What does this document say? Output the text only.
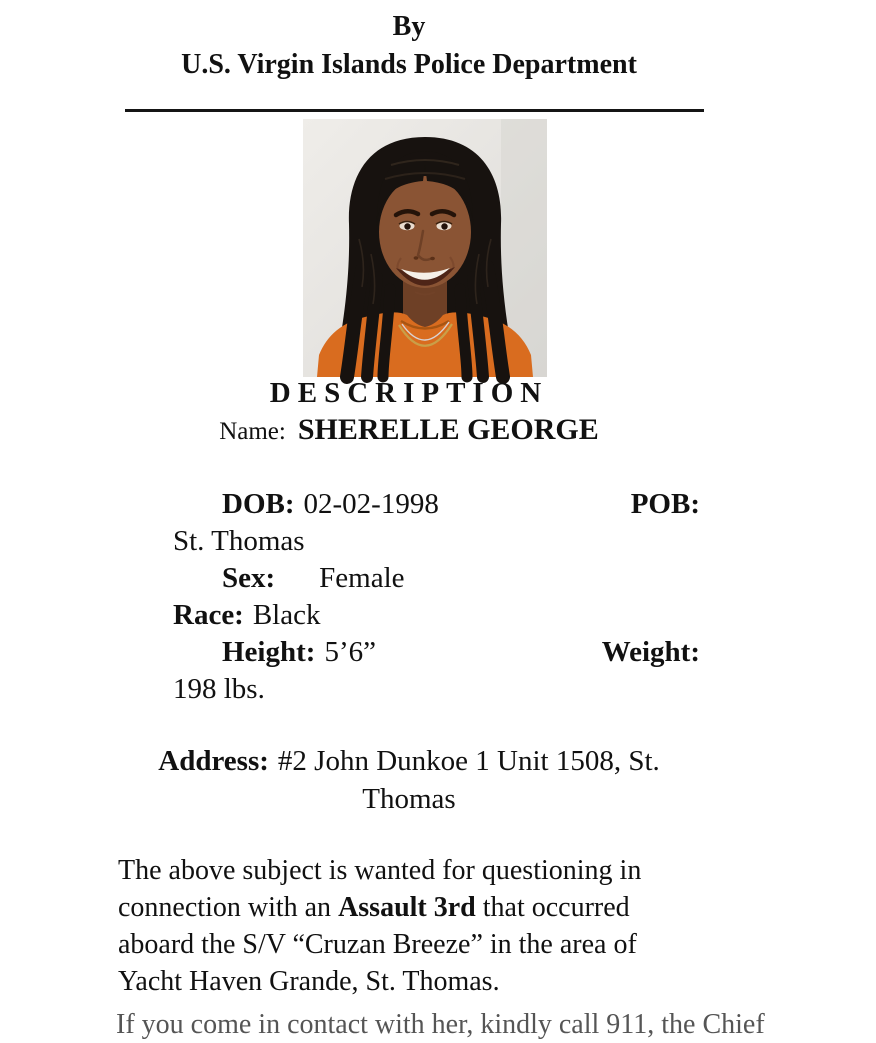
By
U.S. Virgin Islands Police Department
DESCRIPTION
Name: SHERELLE GEORGE
DOB: 02-02-1998	POB:
St. Thomas
Sex: Female
Race: Black
Height: 5’6”	Weight:
198 lbs.
Address: #2 John Dunkoe 1 Unit 1508, St.
Thomas
The above subject is wanted for questioning in
connection with an Assault 3rd that occurred
aboard the S/V “Cruzan Breeze” in the area of
Yacht Haven Grande, St. Thomas.
If you come in contact with her, kindly call 911, the Chief
